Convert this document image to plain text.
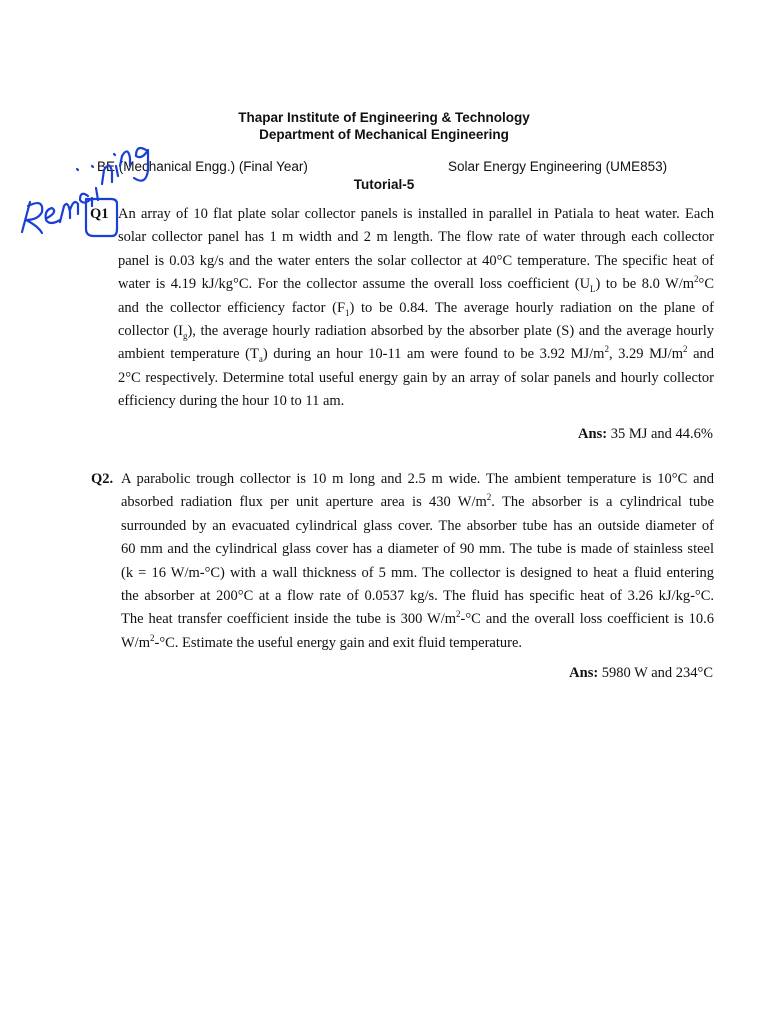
Thapar Institute of Engineering & Technology
Department of Mechanical Engineering
BE (Mechanical Engg.) (Final Year)	Solar Energy Engineering (UME853)
Tutorial-5
Q1 An array of 10 flat plate solar collector panels is installed in parallel in Patiala to heat water. Each
solar collector panel has 1 m width and 2 m length. The flow rate of water through each collector
panel is 0.03 kg/s and the water enters the solar collector at 40°C temperature. The specific heat of
water is 4.19 kJ/kg°C. For the collector assume the overall loss coefficient $(U_L)$ to be 8.0 $W/m^2^\circ C$
and the collector efficiency factor $(F_1)$ to be 0.84. The average hourly radiation on the plane of
collector $(I_g)$, the average hourly radiation absorbed by the absorber plate (S) and the average hourly
ambient temperature $(T_a)$ during an hour 10-11 am were found to be 3.92 $MJ/m^2$, 3.29 $MJ/m^2$ and
2°C respectively. Determine total useful energy gain by an array of solar panels and hourly collector
efficiency during the hour 10 to 11 am.
Ans: 35 MJ and 44.6%
Q2. A parabolic trough collector is 10 m long and 2.5 m wide. The ambient temperature is 10°C and
absorbed radiation flux per unit aperture area is 430 $W/m^2$. The absorber is a cylindrical tube
surrounded by an evacuated cylindrical glass cover. The absorber tube has an outside diameter of
60 mm and the cylindrical glass cover has a diameter of 90 mm. The tube is made of stainless steel
(k = 16 W/m-°C) with a wall thickness of 5 mm. The collector is designed to heat a fluid entering
the absorber at 200°C at a flow rate of 0.0537 kg/s. The fluid has specific heat of 3.26 kJ/kg-°C.
The heat transfer coefficient inside the tube is 300 $W/m^2-^\circ C$ and the overall loss coefficient is 10.6
$W/m^2-^\circ C$. Estimate the useful energy gain and exit fluid temperature.
Ans: 5980 W and 234°C
